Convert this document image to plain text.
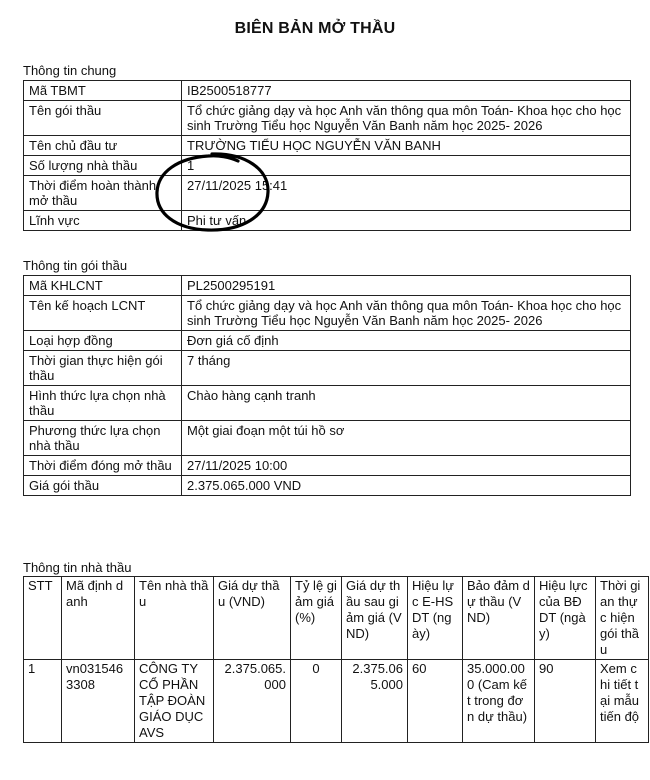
BIÊN BẢN MỞ THẦU
Thông tin chung
Mã TBMT	IB2500518777
Tên gói thầu	Tổ chức giảng dạy và học Anh văn thông qua môn Toán- Khoa học cho học sinh Trường Tiểu học Nguyễn Văn Banh năm học 2025- 2026
Tên chủ đầu tư	TRƯỜNG TIỂU HỌC NGUYỄN VĂN BANH
Số lượng nhà thầu	1
Thời điểm hoàn thành mở thầu	27/11/2025 15:41
Lĩnh vực	Phi tư vấn
Thông tin gói thầu
Mã KHLCNT	PL2500295191
Tên kế hoạch LCNT	Tổ chức giảng dạy và học Anh văn thông qua môn Toán- Khoa học cho học sinh Trường Tiểu học Nguyễn Văn Banh năm học 2025- 2026
Loại hợp đồng	Đơn giá cố định
Thời gian thực hiện gói thầu	7 tháng
Hình thức lựa chọn nhà thầu	Chào hàng cạnh tranh
Phương thức lựa chọn nhà thầu	Một giai đoạn một túi hồ sơ
Thời điểm đóng mở thầu	27/11/2025 10:00
Giá gói thầu	2.375.065.000 VND
Thông tin nhà thầu
STT	Mã định danh	Tên nhà thầu	Giá dự thầu (VND)	Tỷ lệ giảm giá (%)	Giá dự thầu sau giảm giá (VND)	Hiệu lực E-HSDT (ngày)	Bảo đảm dự thầu (VND)	Hiệu lực của BĐ DT (ngày)	Thời gian thực hiện gói thầu
1	vn0315463308	CÔNG TY CỔ PHẦN TẬP ĐOÀN GIÁO DỤC AVS	2.375.065.000	0	2.375.065.000	60	35.000.000 (Cam kết trong đơn dự thầu)	90	Xem chi tiết tại mẫu tiến độ
